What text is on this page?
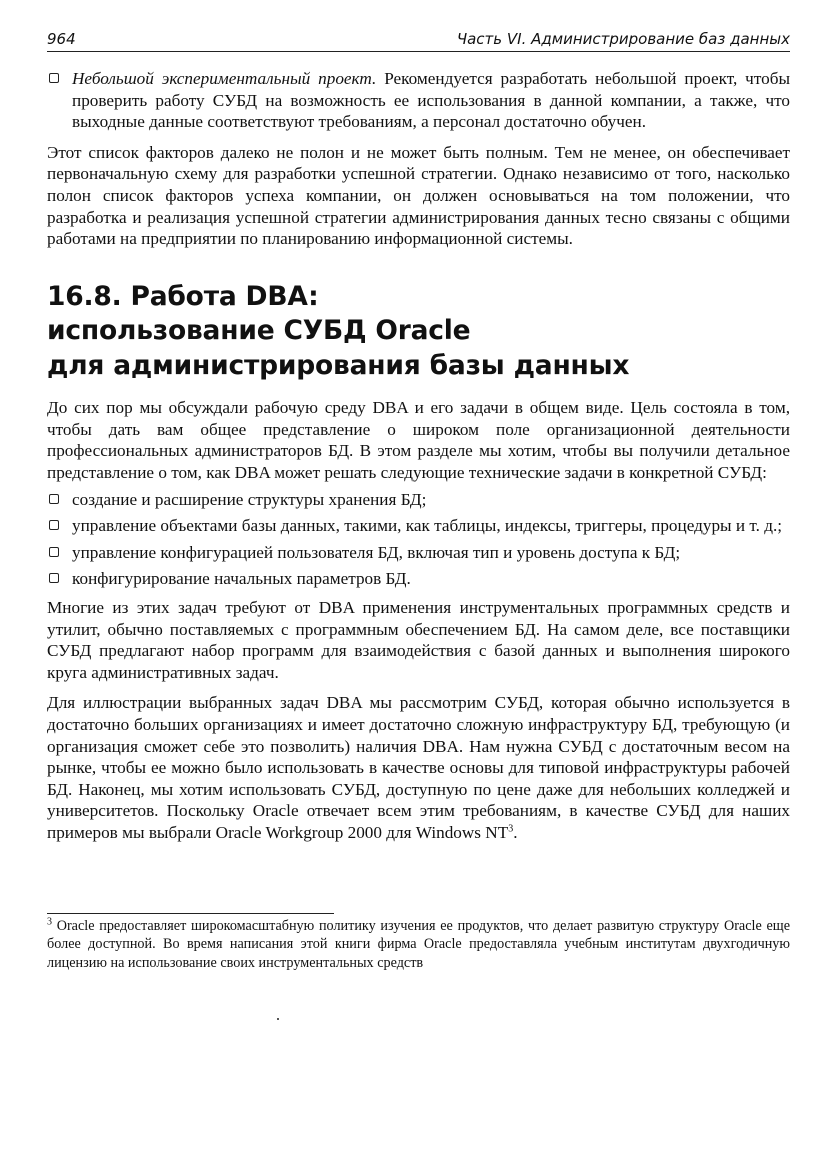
964	Часть VI. Администрирование баз данных
Небольшой экспериментальный проект. Рекомендуется разработать небольшой проект, чтобы проверить работу СУБД на возможность ее использования в данной компании, а также, что выходные данные соответствуют требованиям, а персонал достаточно обучен.

Этот список факторов далеко не полон и не может быть полным. Тем не менее, он обеспечивает первоначальную схему для разработки успешной стратегии. Однако независимо от того, насколько полон список факторов успеха компании, он должен основываться на том положении, что разработка и реализация успешной стратегии администрирования данных тесно связаны с общими работами на предприятии по планированию информационной системы.

16.8. Работа DBA:
использование СУБД Oracle
для администрирования базы данных

До сих пор мы обсуждали рабочую среду DBA и его задачи в общем виде. Цель состояла в том, чтобы дать вам общее представление о широком поле организационной деятельности профессиональных администраторов БД. В этом разделе мы хотим, чтобы вы получили детальное представление о том, как DBA может решать следующие технические задачи в конкретной СУБД:

создание и расширение структуры хранения БД;
управление объектами базы данных, такими, как таблицы, индексы, триггеры, процедуры и т. д.;
управление конфигурацией пользователя БД, включая тип и уровень доступа к БД;
конфигурирование начальных параметров БД.

Многие из этих задач требуют от DBA применения инструментальных программных средств и утилит, обычно поставляемых с программным обеспечением БД. На самом деле, все поставщики СУБД предлагают набор программ для взаимодействия с базой данных и выполнения широкого круга административных задач.

Для иллюстрации выбранных задач DBA мы рассмотрим СУБД, которая обычно используется в достаточно больших организациях и имеет достаточно сложную инфраструктуру БД, требующую (и организация сможет себе это позволить) наличия DBA. Нам нужна СУБД с достаточным весом на рынке, чтобы ее можно было использовать в качестве основы для типовой инфраструктуры рабочей БД. Наконец, мы хотим использовать СУБД, доступную по цене даже для небольших колледжей и университетов. Поскольку Oracle отвечает всем этим требованиям, в качестве СУБД для наших примеров мы выбрали Oracle Workgroup 2000 для Windows $NT^3$.

$^3$ Oracle предоставляет широкомасштабную политику изучения ее продуктов, что делает развитую структуру Oracle еще более доступной. Во время написания этой книги фирма Oracle предоставляла учебным институтам двухгодичную лицензию на использование своих инструментальных средств
